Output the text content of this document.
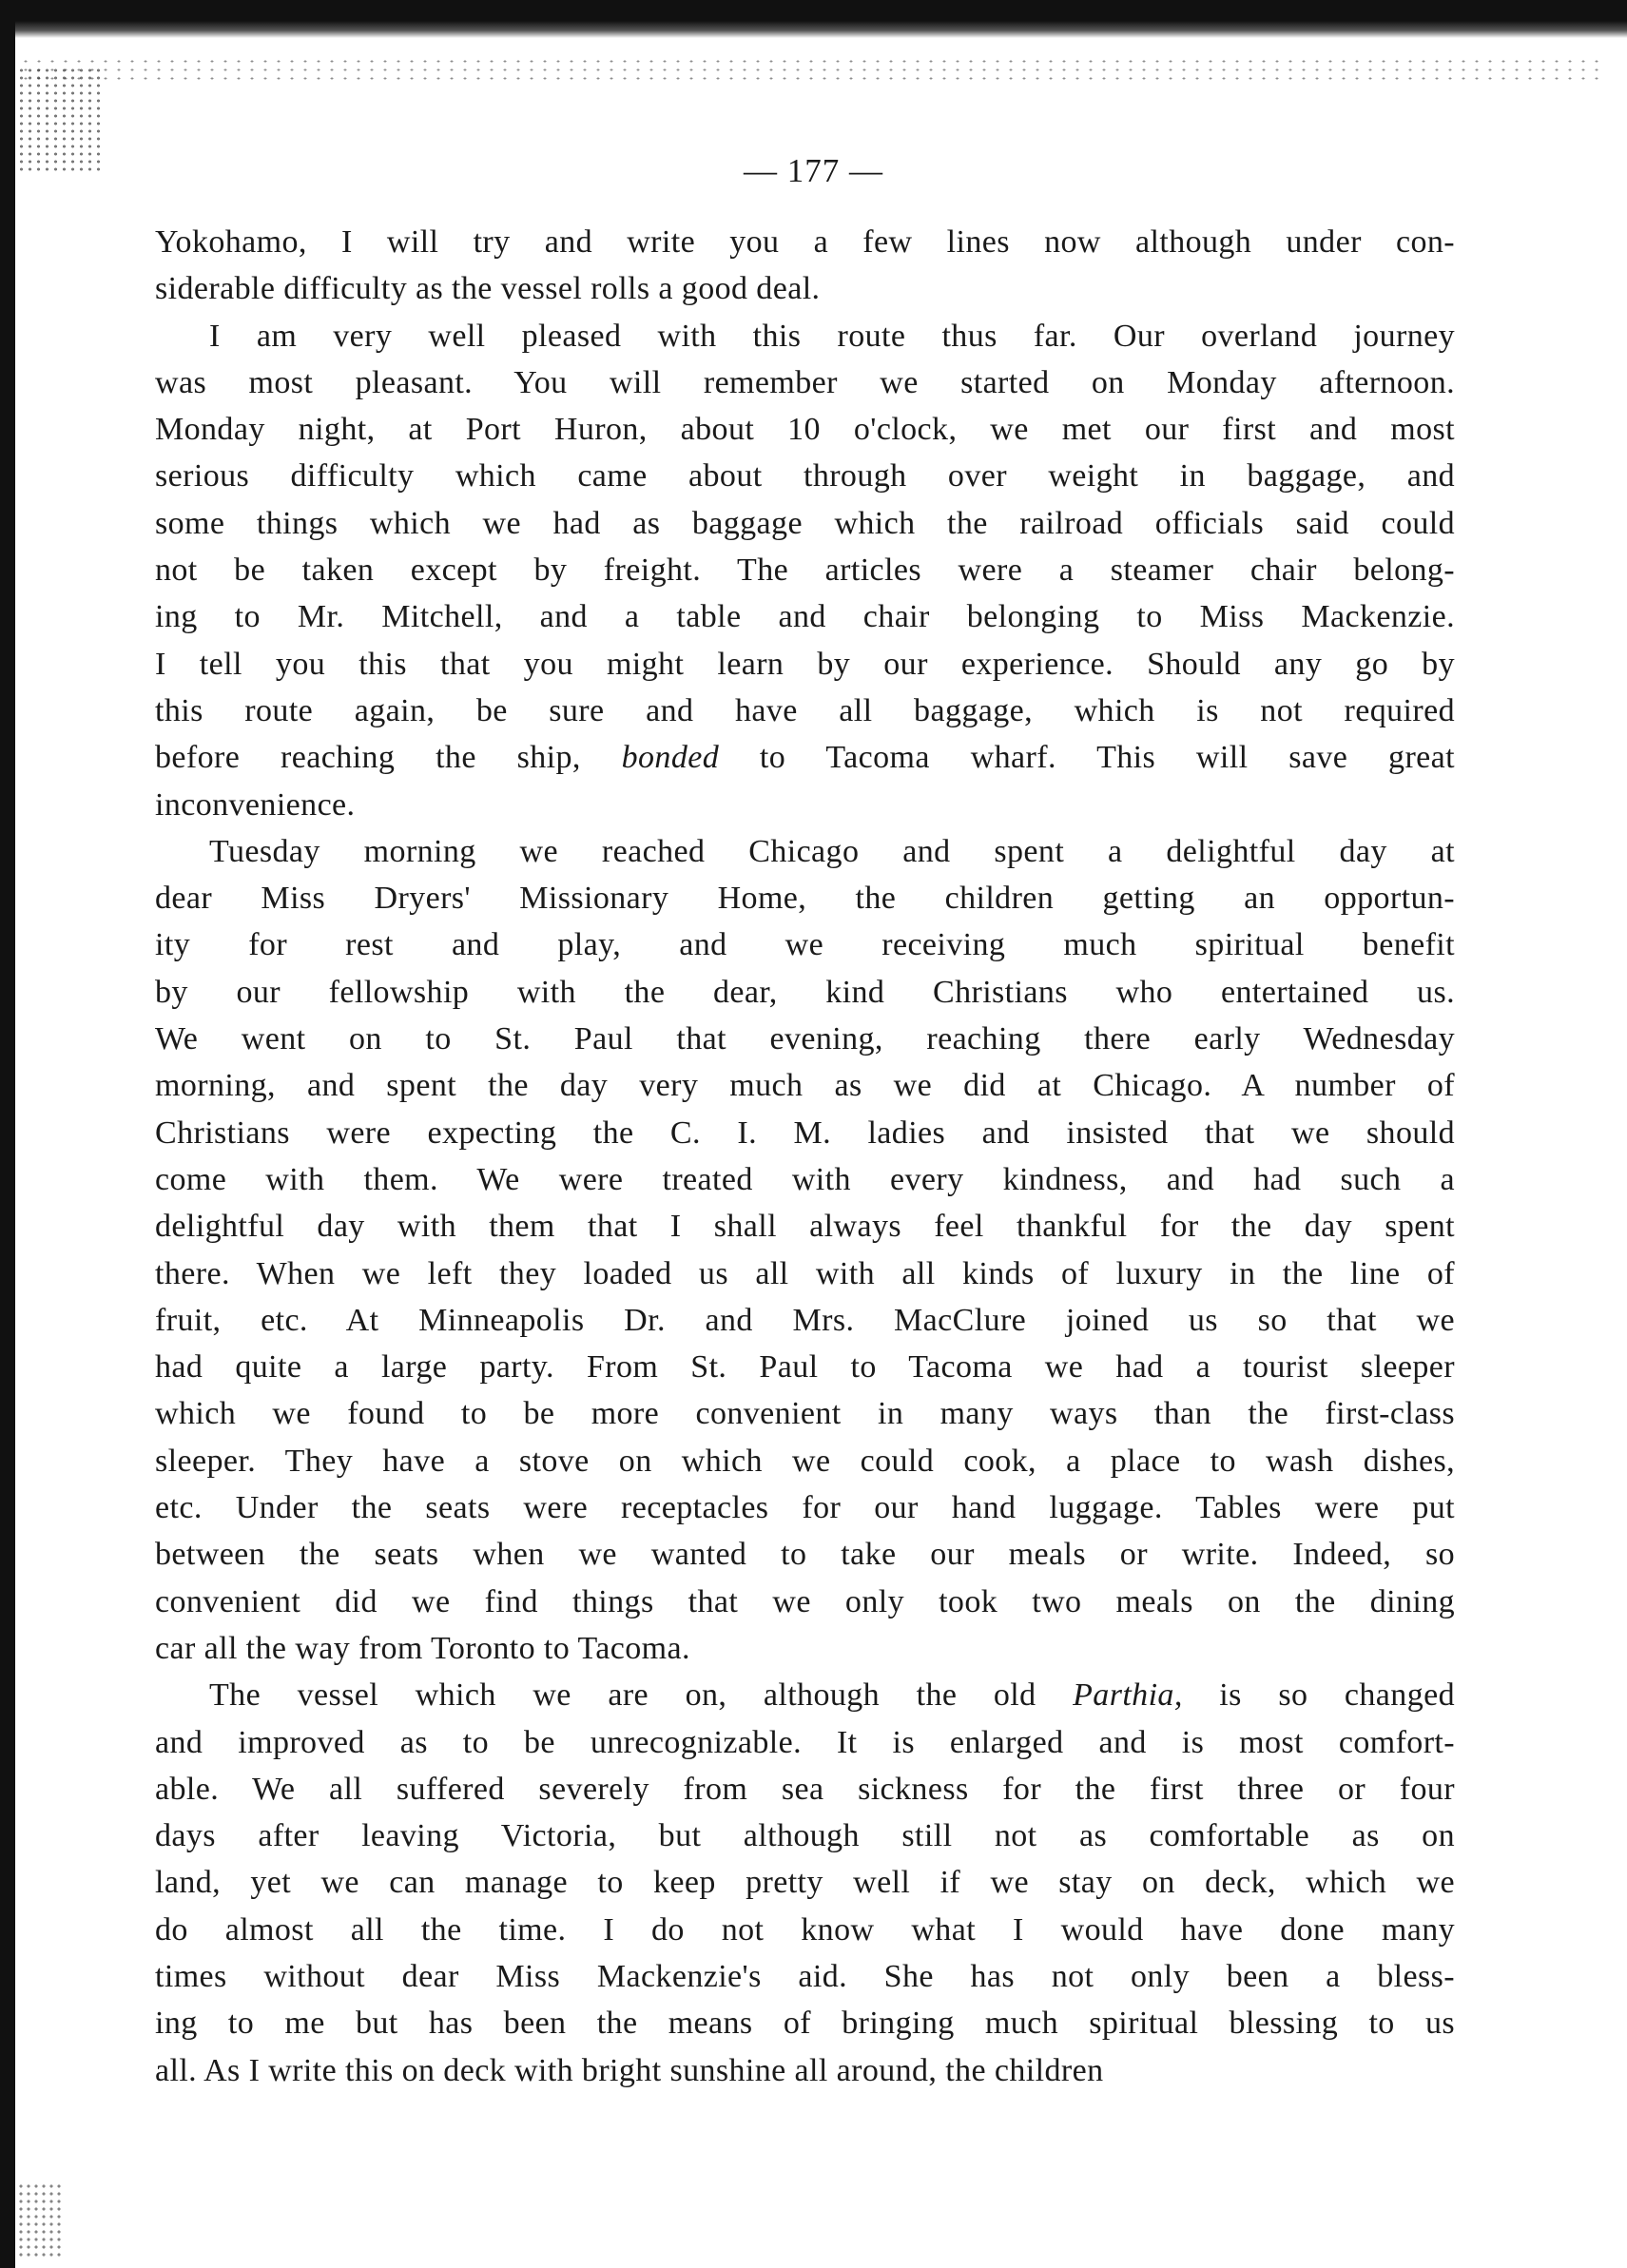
— 177 —

Yokohamo, I will try and write you a few lines now although under con-

siderable difficulty as the vessel rolls a good deal.

I am very well pleased with this route thus far. Our overland journey

was most pleasant. You will remember we started on Monday afternoon.

Monday night, at Port Huron, about 10 o'clock, we met our first and most

serious difficulty which came about through over weight in baggage, and

some things which we had as baggage which the railroad officials said could

not be taken except by freight. The articles were a steamer chair belong-

ing to Mr. Mitchell, and a table and chair belonging to Miss Mackenzie.

I tell you this that you might learn by our experience. Should any go by

this route again, be sure and have all baggage, which is not required

before reaching the ship, bonded to Tacoma wharf. This will save great

inconvenience.

Tuesday morning we reached Chicago and spent a delightful day at

dear Miss Dryers' Missionary Home, the children getting an opportun-

ity for rest and play, and we receiving much spiritual benefit

by our fellowship with the dear, kind Christians who entertained us.

We went on to St. Paul that evening, reaching there early Wednesday

morning, and spent the day very much as we did at Chicago. A number of

Christians were expecting the C. I. M. ladies and insisted that we should

come with them. We were treated with every kindness, and had such a

delightful day with them that I shall always feel thankful for the day spent

there. When we left they loaded us all with all kinds of luxury in the line of

fruit, etc. At Minneapolis Dr. and Mrs. MacClure joined us so that we

had quite a large party. From St. Paul to Tacoma we had a tourist sleeper

which we found to be more convenient in many ways than the first-class

sleeper. They have a stove on which we could cook, a place to wash dishes,

etc. Under the seats were receptacles for our hand luggage. Tables were put

between the seats when we wanted to take our meals or write. Indeed, so

convenient did we find things that we only took two meals on the dining

car all the way from Toronto to Tacoma.

The vessel which we are on, although the old Parthia, is so changed

and improved as to be unrecognizable. It is enlarged and is most comfort-

able. We all suffered severely from sea sickness for the first three or four

days after leaving Victoria, but although still not as comfortable as on

land, yet we can manage to keep pretty well if we stay on deck, which we

do almost all the time. I do not know what I would have done many

times without dear Miss Mackenzie's aid. She has not only been a bless-

ing to me but has been the means of bringing much spiritual blessing to us

all. As I write this on deck with bright sunshine all around, the children
